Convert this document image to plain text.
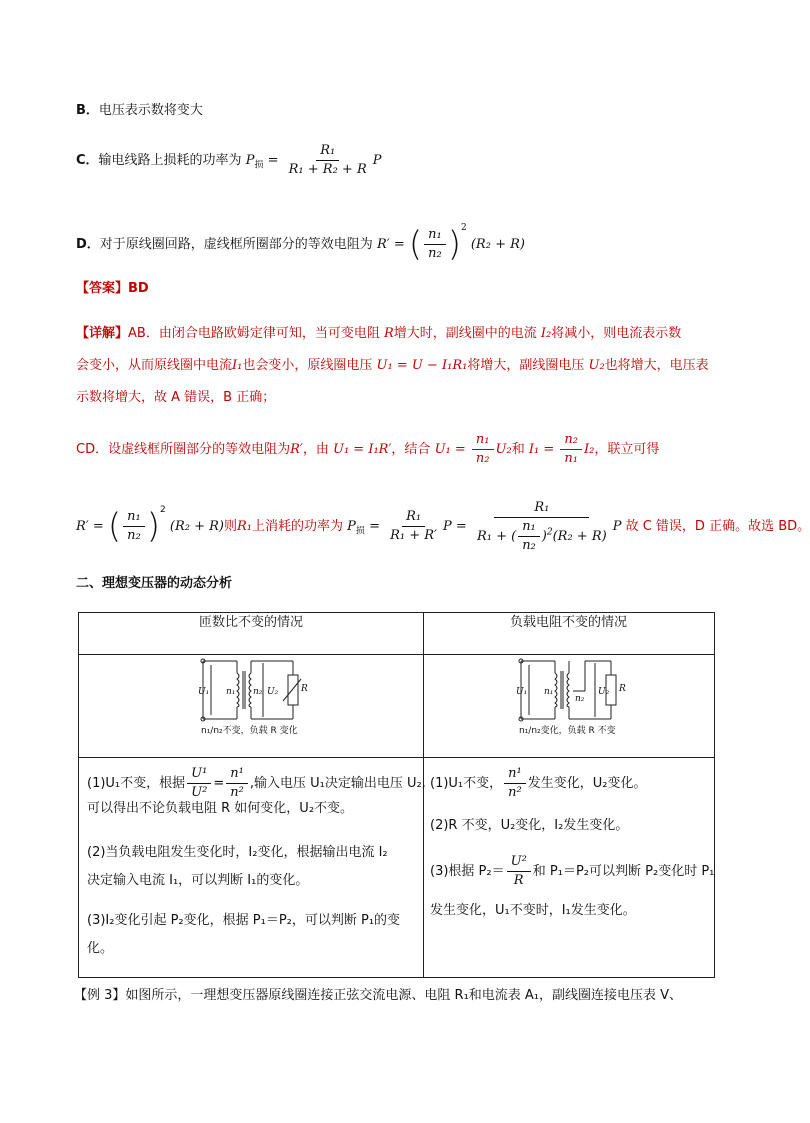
B．电压表示数将变大
C．输电线路上损耗的功率为 $P_损 = \frac{\text{R₁}}{\text{R₁ + R₂ + R}}$ P
D．对于原线圈回路，虚线框所圈部分的等效电阻为 R′ = ( $\frac{\text{n₁}}{\text{n₂}} )^2$ (R₂ + R)
【答案】BD
【详解】AB．由闭合电路欧姆定律可知，当可变电阻 R增大时，副线圈中的电流 I₂将减小，则电流表示数
会变小，从而原线圈中电流I₁也会变小，原线圈电压 U₁ = U − I₁R₁将增大，副线圈电压 U₂也将增大，电压表
示数将增大，故 A 错误，B 正确；
CD．设虚线框所圈部分的等效电阻为R′，由 U₁ = I₁R′，结合 $U_1 = \frac{\text{n₁}}{\text{n₂}} U_2$和 $I_1 = \frac{\text{n₂}}{\text{n₁}} I_2$，联立可得
R′ = ( $\frac{\text{n₁}}{\text{n₂}} )^2$ (R₂ + R)则R₁上消耗的功率为 $P_损 = \frac{\text{R₁}}{\text{R₁ + R′}}$ $P = \frac{\text{R₁}}{R_1 + ( \frac{\text{n₁}}{\text{n₂}} )^2(R_2 + R)}$ P 故 C 错误，D 正确。故选 BD。
二、理想变压器的动态分析
匝数比不变的情况	负载电阻不变的情况
U₁ n₁ n₂ U₂	R
n₁/n₂不变，负载 R 变化
U₁ n₁
n₂
U₂ R
n₁/n₂变化，负载 R 不变
(1)U₁不变，根据 $\frac{\text{U¹}}{\text{U²}} = \frac{\text{n¹}}{\text{n²}}$ ,输入电压 U₁决定输出电压 U₂,
可以得出不论负载电阻 R 如何变化，U₂不变。
(2)当负载电阻发生变化时，I₂变化，根据输出电流 I₂
决定输入电流 I₁，可以判断 I₁的变化。
(3)I₂变化引起 P₂变化，根据 P₁＝P₂，可以判断 P₁的变
化。
(1)U₁不变， $\frac{\text{n¹}}{\text{n²}}$ 发生变化，U₂变化。
(2)R 不变，U₂变化，I₂发生变化。
(3)根据 $P_2= \frac{\text{U²}}{R}$ 和 P₁＝P₂可以判断 P₂变化时 P₁
发生变化，U₁不变时，I₁发生变化。
【例 3】如图所示，一理想变压器原线圈连接正弦交流电源、电阻 R₁和电流表 A₁，副线圈连接电压表 V、
